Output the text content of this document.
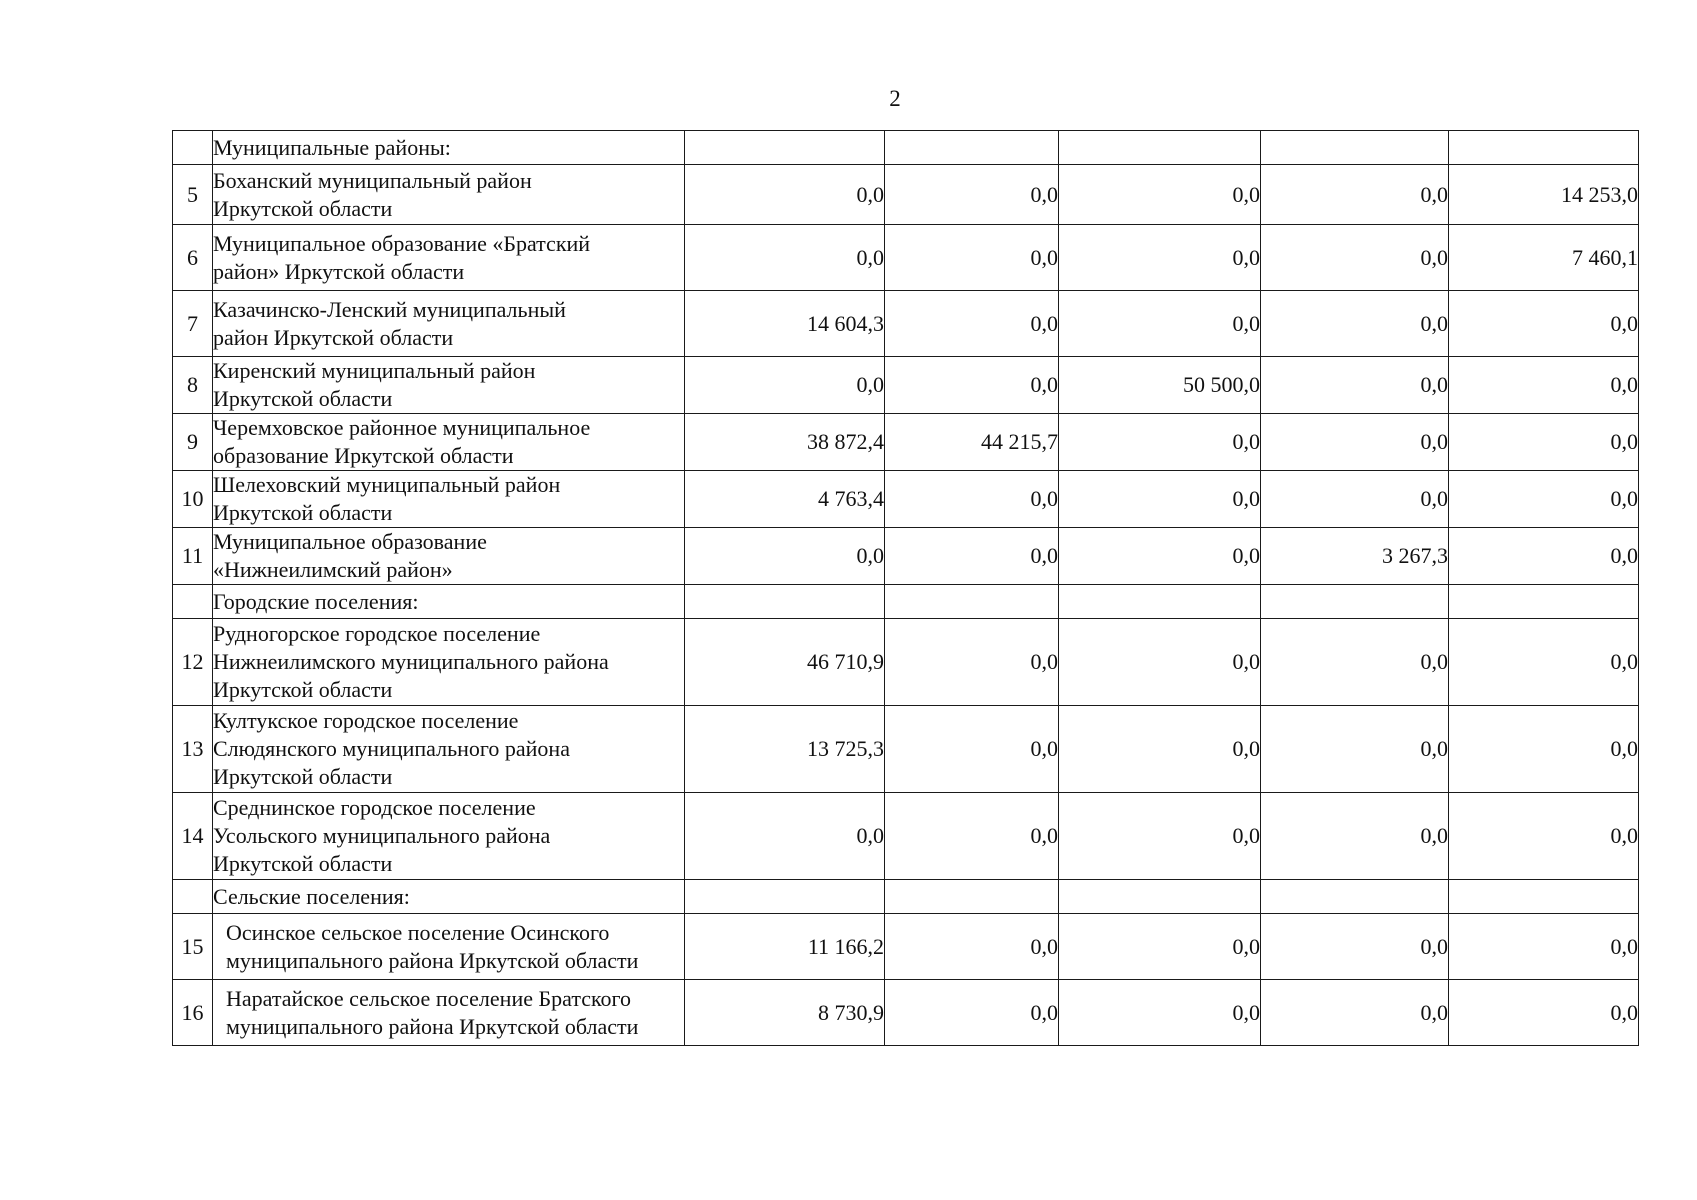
2
	Муниципальные районы:					
5	Боханский муниципальный район
Иркутской области	0,0	0,0	0,0	0,0	14 253,0
6	Муниципальное образование «Братский
район» Иркутской области	0,0	0,0	0,0	0,0	7 460,1
7	Казачинско-Ленский муниципальный
район Иркутской области	14 604,3	0,0	0,0	0,0	0,0
8	Киренский муниципальный район
Иркутской области	0,0	0,0	50 500,0	0,0	0,0
9	Черемховское районное муниципальное
образование Иркутской области	38 872,4	44 215,7	0,0	0,0	0,0
10	Шелеховский муниципальный район
Иркутской области	4 763,4	0,0	0,0	0,0	0,0
11	Муниципальное образование
«Нижнеилимский район»	0,0	0,0	0,0	3 267,3	0,0
	Городские поселения:					
12	Рудногорское городское поселение
Нижнеилимского муниципального района
Иркутской области	46 710,9	0,0	0,0	0,0	0,0
13	Култукское городское поселение
Слюдянского муниципального района
Иркутской области	13 725,3	0,0	0,0	0,0	0,0
14	Среднинское городское поселение
Усольского муниципального района
Иркутской области	0,0	0,0	0,0	0,0	0,0
	Сельские поселения:					
15	Осинское сельское поселение Осинского
муниципального района Иркутской области	11 166,2	0,0	0,0	0,0	0,0
16	Наратайское сельское поселение Братского
муниципального района Иркутской области	8 730,9	0,0	0,0	0,0	0,0
